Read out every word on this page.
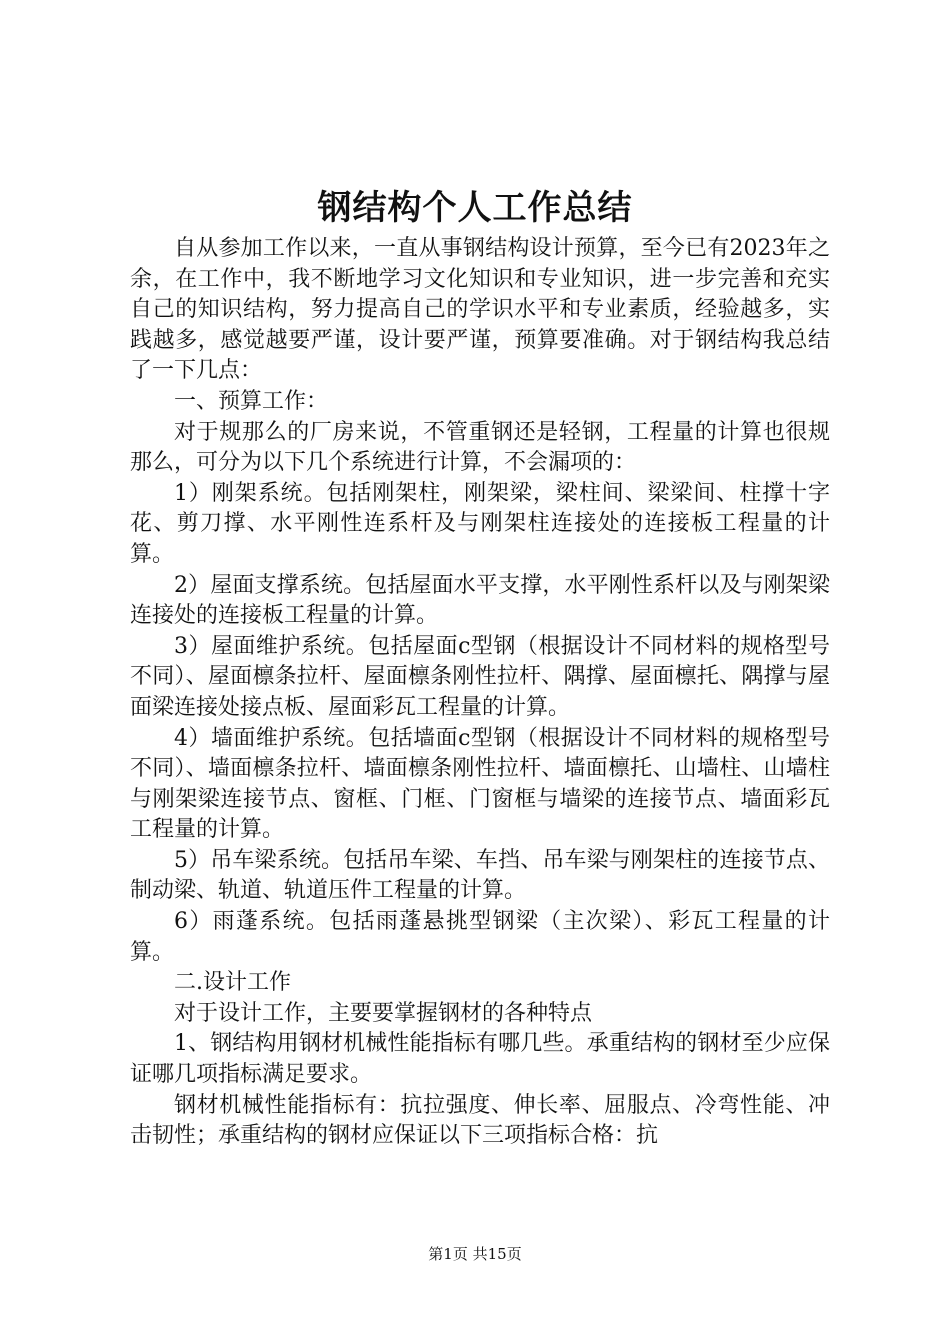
钢结构个人工作总结

自从参加工作以来，一直从事钢结构设计预算，至今已有2023年之余，在工作中，我不断地学习文化知识和专业知识，进一步完善和充实自己的知识结构，努力提高自己的学识水平和专业素质，经验越多，实践越多，感觉越要严谨，设计要严谨，预算要准确。对于钢结构我总结了一下几点：

一、预算工作：

对于规那么的厂房来说，不管重钢还是轻钢，工程量的计算也很规那么，可分为以下几个系统进行计算，不会漏项的：

1）刚架系统。包括刚架柱，刚架梁，梁柱间、梁梁间、柱撑十字花、剪刀撑、水平刚性连系杆及与刚架柱连接处的连接板工程量的计算。

2）屋面支撑系统。包括屋面水平支撑，水平刚性系杆以及与刚架梁连接处的连接板工程量的计算。

3）屋面维护系统。包括屋面c型钢（根据设计不同材料的规格型号不同）、屋面檩条拉杆、屋面檩条刚性拉杆、隅撑、屋面檩托、隅撑与屋面梁连接处接点板、屋面彩瓦工程量的计算。

4）墙面维护系统。包括墙面c型钢（根据设计不同材料的规格型号不同）、墙面檩条拉杆、墙面檩条刚性拉杆、墙面檩托、山墙柱、山墙柱与刚架梁连接节点、窗框、门框、门窗框与墙梁的连接节点、墙面彩瓦工程量的计算。

5）吊车梁系统。包括吊车梁、车挡、吊车梁与刚架柱的连接节点、制动梁、轨道、轨道压件工程量的计算。

6）雨蓬系统。包括雨蓬悬挑型钢梁（主次梁）、彩瓦工程量的计算。

二.设计工作

对于设计工作，主要要掌握钢材的各种特点

1、钢结构用钢材机械性能指标有哪几些。承重结构的钢材至少应保证哪几项指标满足要求。

钢材机械性能指标有：抗拉强度、伸长率、屈服点、冷弯性能、冲击韧性；承重结构的钢材应保证以下三项指标合格：抗

第1页 共15页
